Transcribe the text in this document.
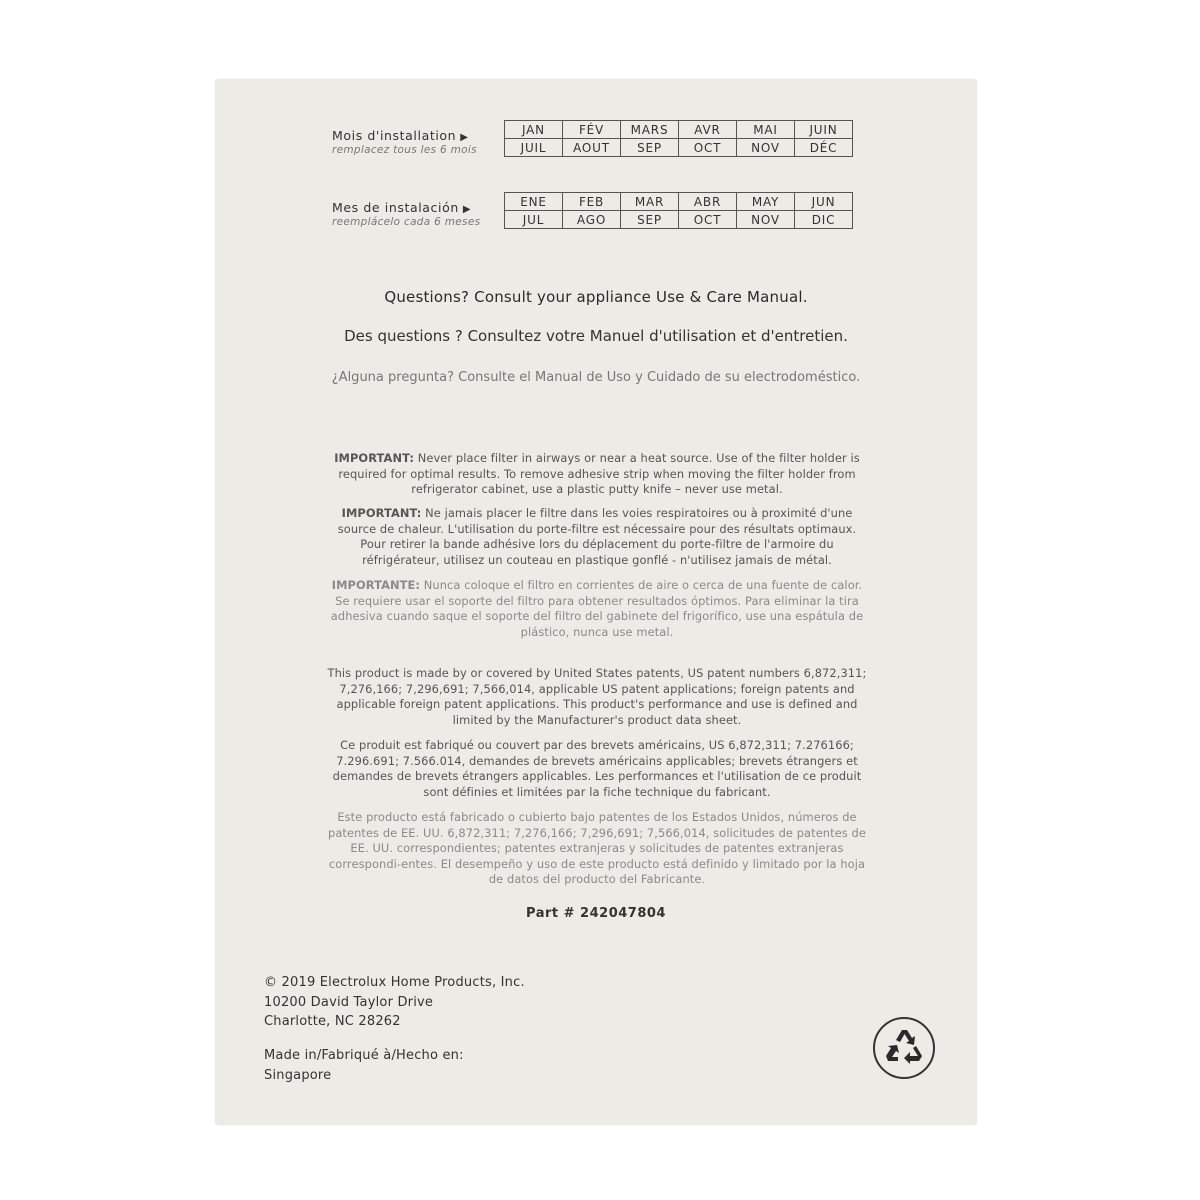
Mois d'installation ▶
remplacez tous les 6 mois
JAN	FÉV	MARS	AVR	MAI	JUIN
JUIL	AOUT	SEP	OCT	NOV	DÉC
Mes de instalación ▶
reemplácelo cada 6 meses
ENE	FEB	MAR	ABR	MAY	JUN
JUL	AGO	SEP	OCT	NOV	DIC
Questions? Consult your appliance Use & Care Manual.
Des questions ? Consultez votre Manuel d'utilisation et d'entretien.
¿Alguna pregunta? Consulte el Manual de Uso y Cuidado de su electrodoméstico.
IMPORTANT: Never place filter in airways or near a heat source. Use of the filter holder is required for optimal results. To remove adhesive strip when moving the filter holder from refrigerator cabinet, use a plastic putty knife – never use metal.
IMPORTANT: Ne jamais placer le filtre dans les voies respiratoires ou à proximité d'une source de chaleur. L'utilisation du porte-filtre est nécessaire pour des résultats optimaux. Pour retirer la bande adhésive lors du déplacement du porte-filtre de l'armoire du réfrigérateur, utilisez un couteau en plastique gonflé - n'utilisez jamais de métal.
IMPORTANTE: Nunca coloque el filtro en corrientes de aire o cerca de una fuente de calor. Se requiere usar el soporte del filtro para obtener resultados óptimos. Para eliminar la tira adhesiva cuando saque el soporte del filtro del gabinete del frigorífico, use una espátula de plástico, nunca use metal.
This product is made by or covered by United States patents, US patent numbers 6,872,311; 7,276,166; 7,296,691; 7,566,014, applicable US patent applications; foreign patents and applicable foreign patent applications. This product's performance and use is defined and limited by the Manufacturer's product data sheet.
Ce produit est fabriqué ou couvert par des brevets américains, US 6,872,311; 7.276166; 7.296.691; 7.566.014, demandes de brevets américains applicables; brevets étrangers et demandes de brevets étrangers applicables. Les performances et l'utilisation de ce produit sont définies et limitées par la fiche technique du fabricant.
Este producto está fabricado o cubierto bajo patentes de los Estados Unidos, números de patentes de EE. UU. 6,872,311; 7,276,166; 7,296,691; 7,566,014, solicitudes de patentes de EE. UU. correspondientes; patentes extranjeras y solicitudes de patentes extranjeras correspondi-entes. El desempeño y uso de este producto está definido y limitado por la hoja de datos del producto del Fabricante.
Part # 242047804
© 2019 Electrolux Home Products, Inc.
10200 David Taylor Drive
Charlotte, NC 28262
Made in/Fabriqué à/Hecho en:
Singapore
